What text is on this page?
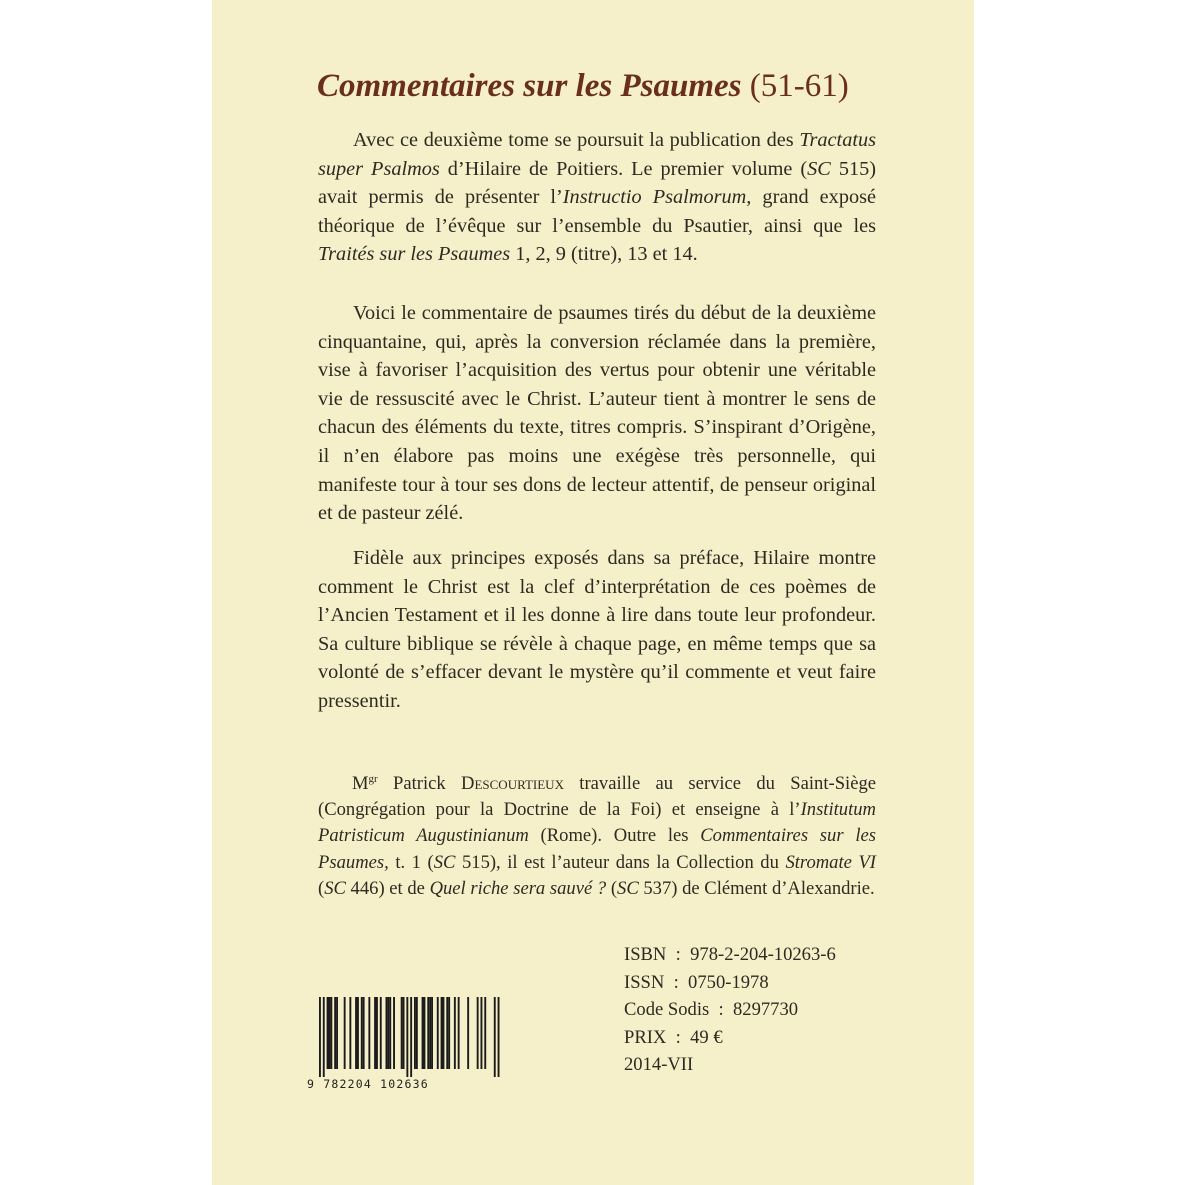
Commentaires sur les Psaumes (51-61)

Avec ce deuxième tome se poursuit la publication des Tractatus super Psalmos d’Hilaire de Poitiers. Le premier volume (SC 515) avait permis de présenter l’Instructio Psalmorum, grand exposé théorique de l’évêque sur l’ensemble du Psautier, ainsi que les Traités sur les Psaumes 1, 2, 9 (titre), 13 et 14.

Voici le commentaire de psaumes tirés du début de la deuxième cinquantaine, qui, après la conversion réclamée dans la première, vise à favoriser l’acquisition des vertus pour obtenir une véritable vie de ressuscité avec le Christ. L’auteur tient à montrer le sens de chacun des éléments du texte, titres compris. S’inspirant d’Origène, il n’en élabore pas moins une exégèse très personnelle, qui manifeste tour à tour ses dons de lecteur attentif, de penseur original et de pasteur zélé.

Fidèle aux principes exposés dans sa préface, Hilaire montre comment le Christ est la clef d’interprétation de ces poèmes de l’Ancien Testament et il les donne à lire dans toute leur profondeur. Sa culture biblique se révèle à chaque page, en même temps que sa volonté de s’effacer devant le mystère qu’il commente et veut faire pressentir.

$M^{gr}$ Patrick Descourtieux travaille au service du Saint-Siège (Congrégation pour la Doctrine de la Foi) et enseigne à l’Institutum Patristicum Augustinianum (Rome). Outre les Commentaires sur les Psaumes, t. 1 (SC 515), il est l’auteur dans la Collection du Stromate VI (SC 446) et de Quel riche sera sauvé ? (SC 537) de Clément d’Alexandrie.

9 782204 102636
ISBN  :  978-2-204-10263-6
ISSN  :  0750-1978
Code Sodis  :  8297730
PRIX  :  49 €
2014-VII
